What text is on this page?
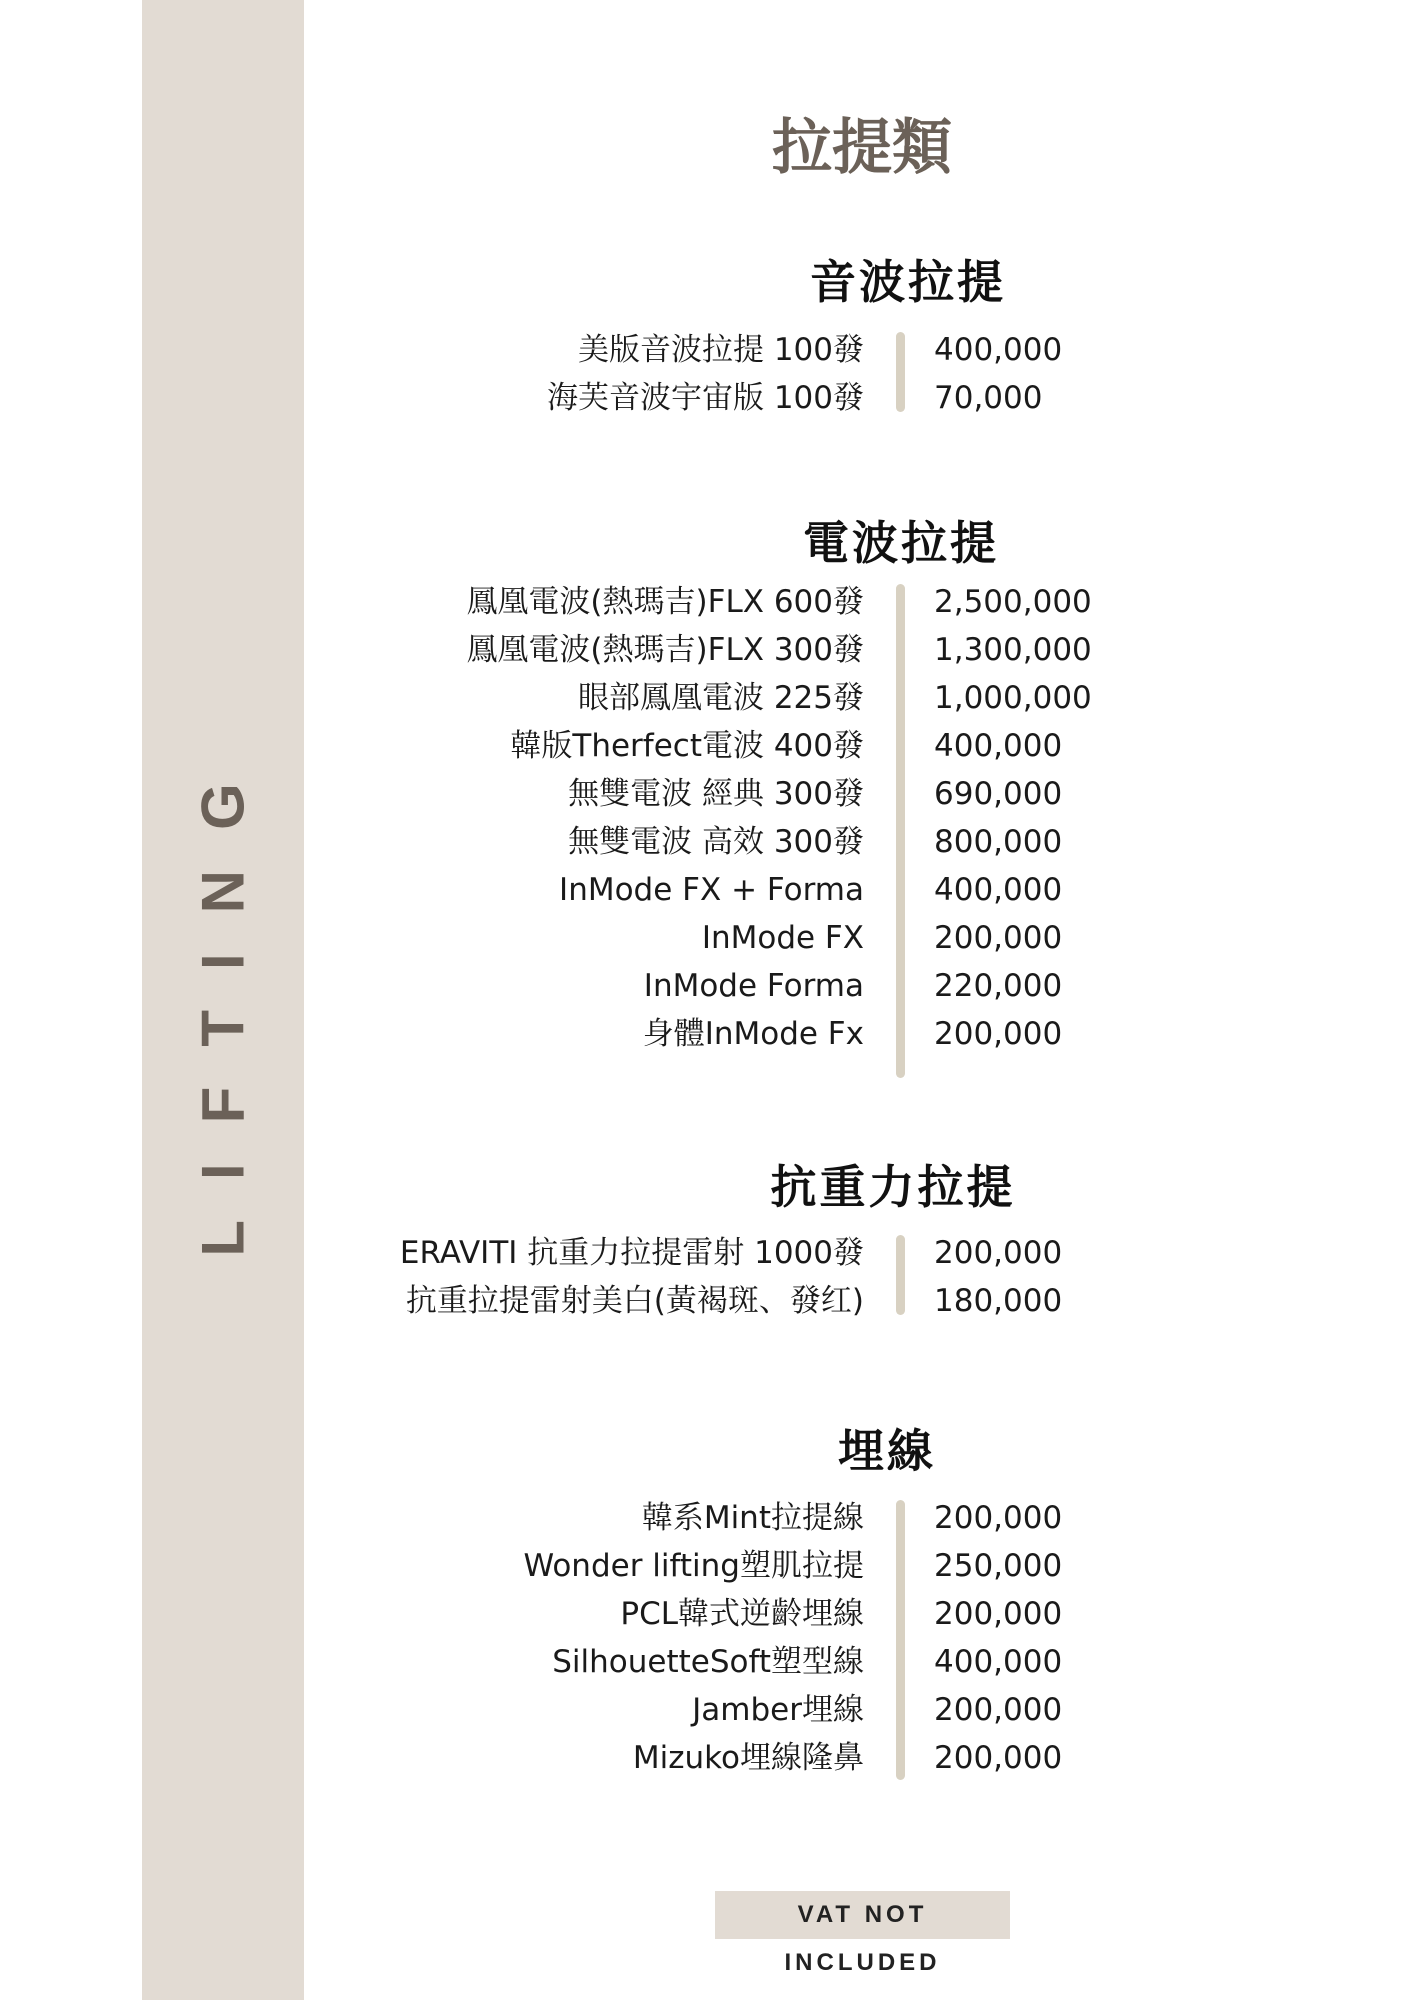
LIFTING
拉提類
音波拉提
美版音波拉提 100發 400,000
海芙音波宇宙版 100發 70,000
電波拉提
鳳凰電波(熱瑪吉)FLX 600發 2,500,000
鳳凰電波(熱瑪吉)FLX 300發 1,300,000
眼部鳳凰電波 225發 1,000,000
韓版Therfect電波 400發 400,000
無雙電波 經典 300發 690,000
無雙電波 高效 300發 800,000
InMode FX + Forma 400,000
InMode FX 200,000
InMode Forma 220,000
身體InMode Fx 200,000
抗重力拉提
ERAVITI 抗重力拉提雷射 1000發 200,000
抗重拉提雷射美白(黃褐斑、發红) 180,000
埋線
韓系Mint拉提線 200,000
Wonder lifting塑肌拉提 250,000
PCL韓式逆齡埋線 200,000
SilhouetteSoft塑型線 400,000
Jamber埋線 200,000
Mizuko埋線隆鼻 200,000
VAT NOT INCLUDED
